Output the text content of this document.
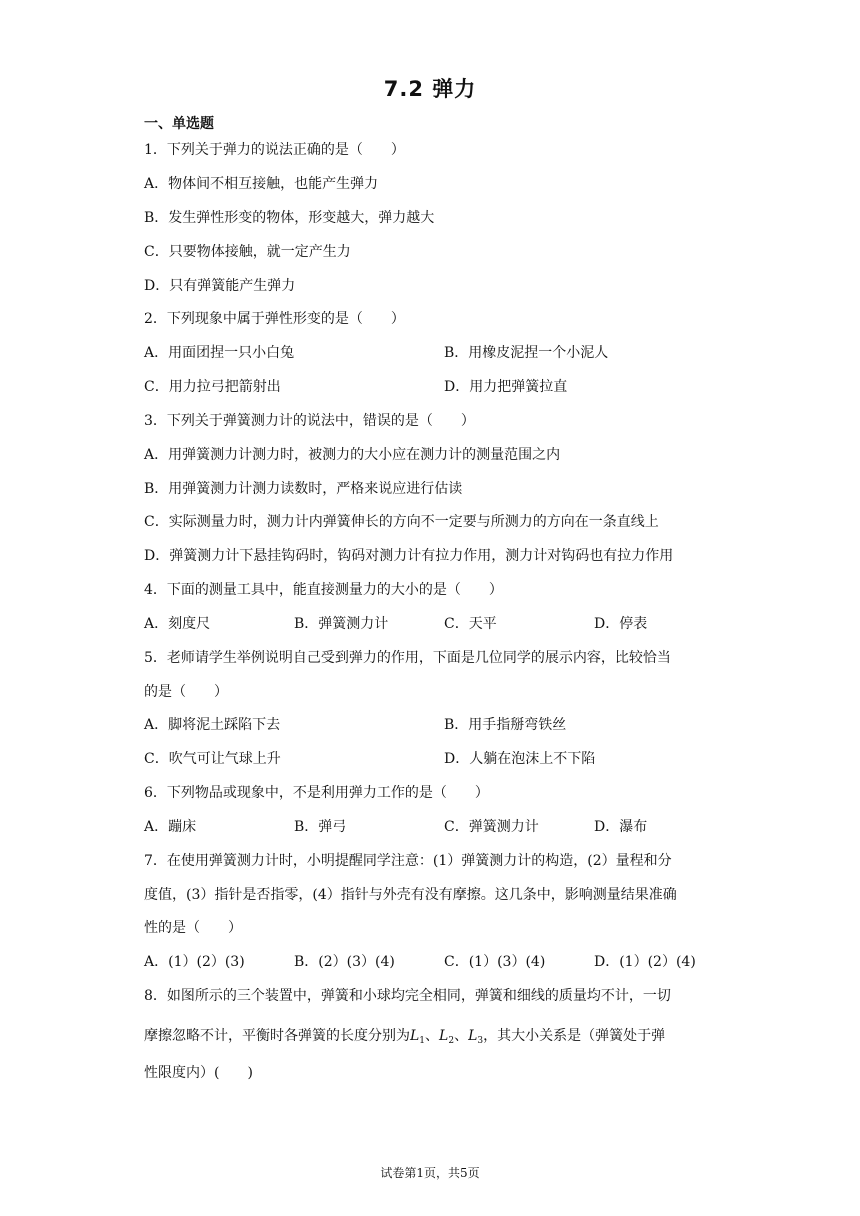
7.2 弹力
一、单选题
1．下列关于弹力的说法正确的是（　　）
A．物体间不相互接触，也能产生弹力
B．发生弹性形变的物体，形变越大，弹力越大
C．只要物体接触，就一定产生力
D．只有弹簧能产生弹力
2．下列现象中属于弹性形变的是（　　）
A．用面团捏一只小白兔	B．用橡皮泥捏一个小泥人
C．用力拉弓把箭射出	D．用力把弹簧拉直
3．下列关于弹簧测力计的说法中，错误的是（　　）
A．用弹簧测力计测力时，被测力的大小应在测力计的测量范围之内
B．用弹簧测力计测力读数时，严格来说应进行估读
C．实际测量力时，测力计内弹簧伸长的方向不一定要与所测力的方向在一条直线上
D．弹簧测力计下悬挂钩码时，钩码对测力计有拉力作用，测力计对钩码也有拉力作用
4．下面的测量工具中，能直接测量力的大小的是（　　）
A．刻度尺	B．弹簧测力计	C．天平	D．停表
5．老师请学生举例说明自己受到弹力的作用，下面是几位同学的展示内容，比较恰当
的是（　　）
A．脚将泥土踩陷下去	B．用手指掰弯铁丝
C．吹气可让气球上升	D．人躺在泡沫上不下陷
6．下列物品或现象中，不是利用弹力工作的是（　　）
A．蹦床	B．弹弓	C．弹簧测力计	D．瀑布
7．在使用弹簧测力计时，小明提醒同学注意：(1）弹簧测力计的构造，(2）量程和分
度值，(3）指针是否指零，(4）指针与外壳有没有摩擦。这几条中，影响测量结果准确
性的是（　　）
A．(1）(2）(3)	B．(2）(3）(4)	C．(1）(3）(4)	D．(1）(2）(4)
8．如图所示的三个装置中，弹簧和小球均完全相同，弹簧和细线的质量均不计，一切
摩擦忽略不计，平衡时各弹簧的长度分别为$L_1$、$L_2$、$L_3$，其大小关系是（弹簧处于弹
性限度内）(　　)
试卷第1页，共5页
